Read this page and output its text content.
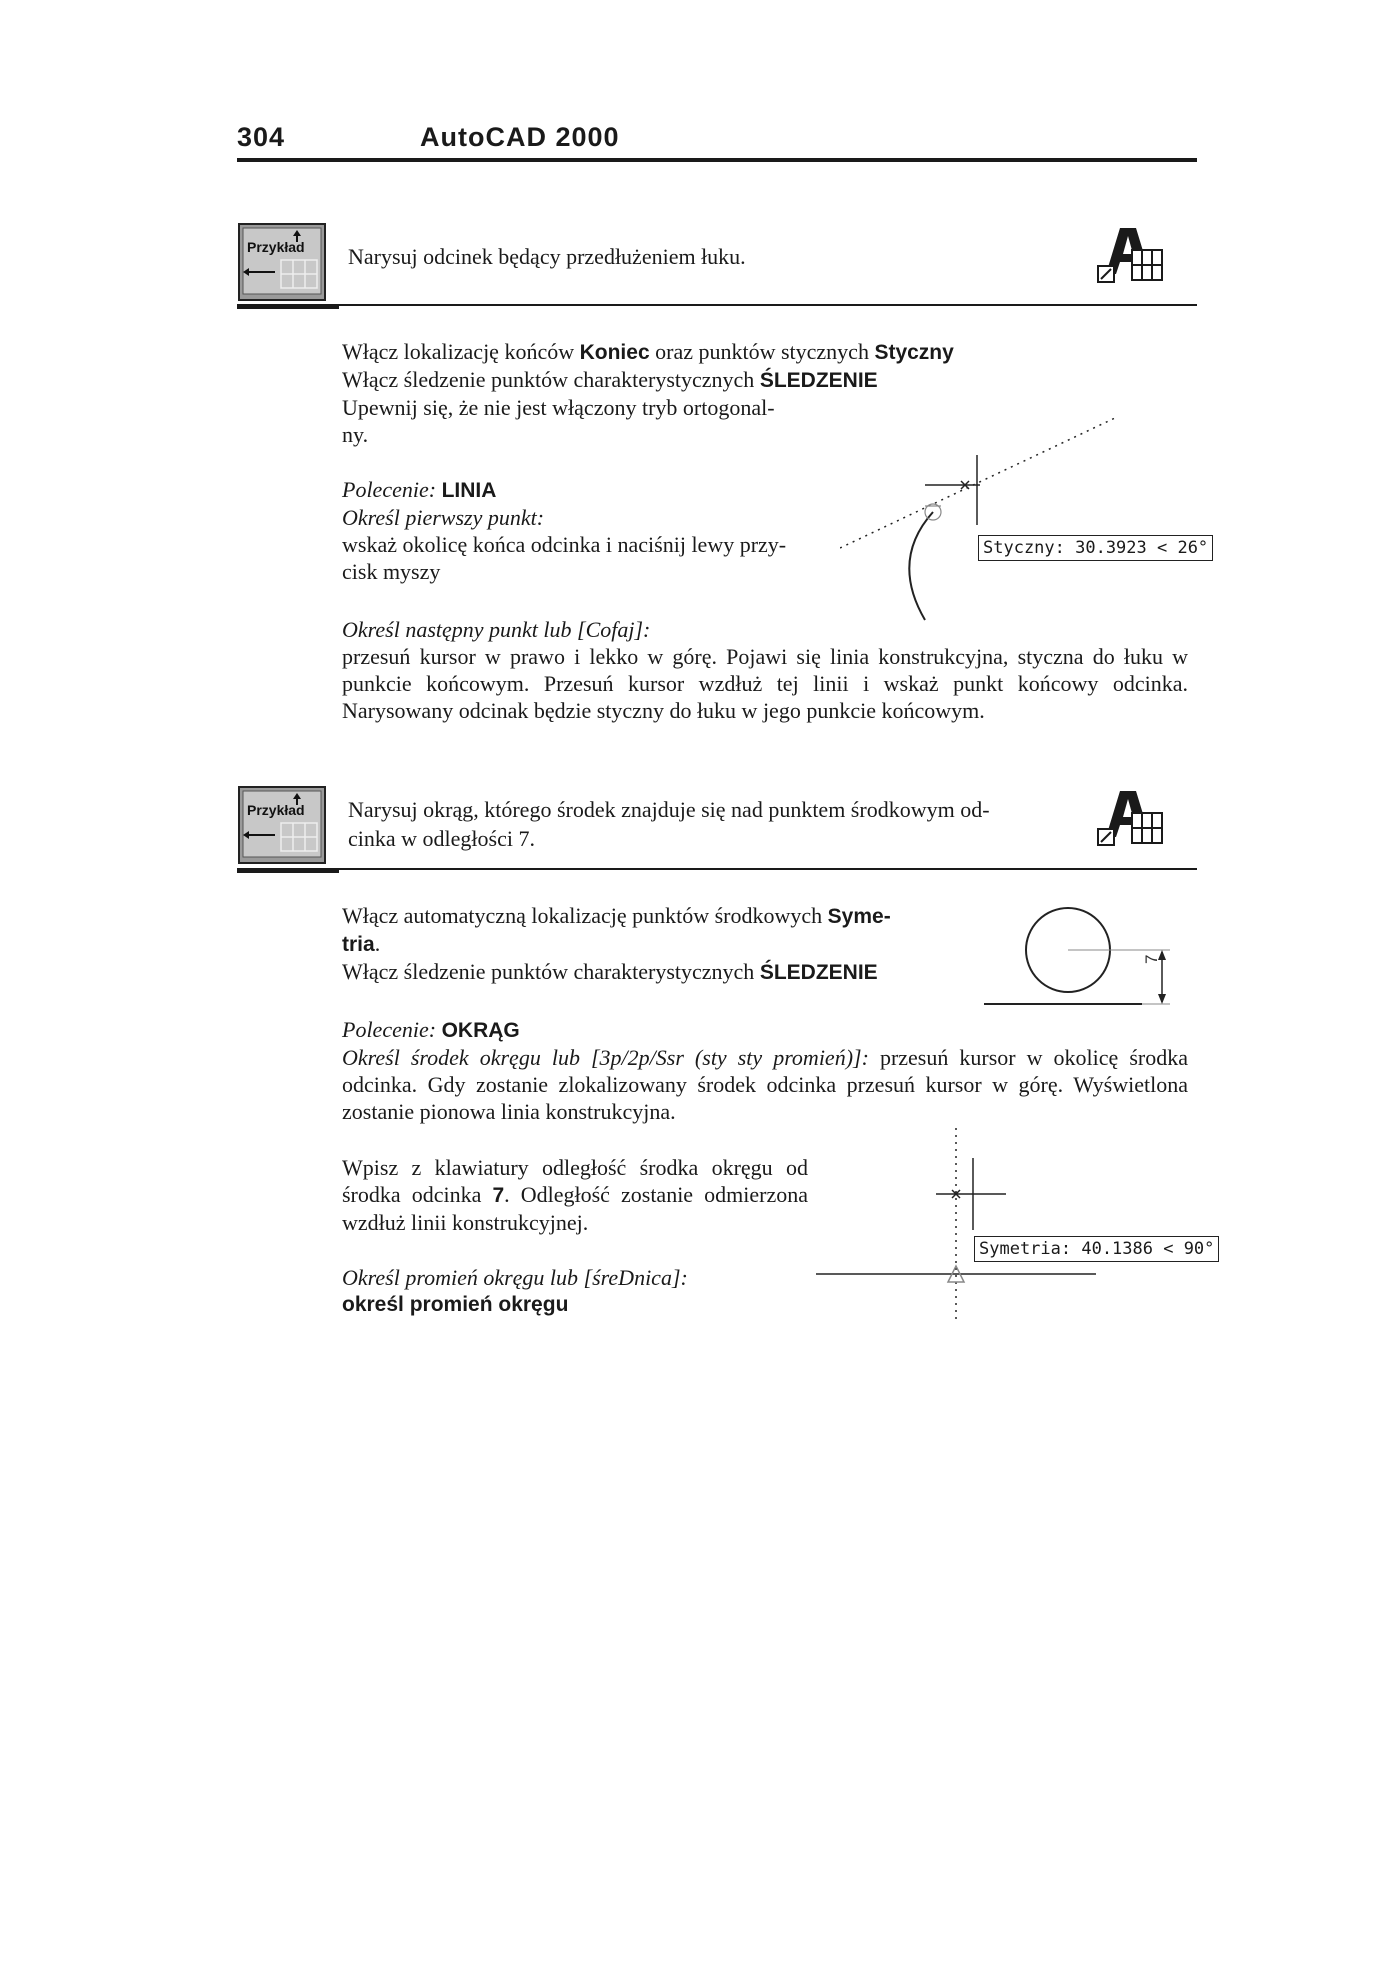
304	AutoCAD 2000
Przykład Narysuj odcinek będący przedłużeniem łuku.

Włącz lokalizację końców Koniec oraz punktów stycznych Styczny

Włącz śledzenie punktów charakterystycznych ŚLEDZENIE

Upewnij się, że nie jest włączony tryb ortogonal-

ny.

Polecenie: LINIA

Określ pierwszy punkt:

wskaż okolicę końca odcinka i naciśnij lewy przy-

cisk myszy

Styczny: 30.3923 < 26°

Określ następny punkt lub [Cofaj]:

przesuń kursor w prawo i lekko w górę. Pojawi się linia konstrukcyjna, styczna do łuku w punkcie końcowym. Przesuń kursor wzdłuż tej linii i wskaż punkt końcowy odcinka. Narysowany odcinak będzie styczny do łuku w jego punkcie końcowym.

Przykład Narysuj okrąg, którego środek znajduje się nad punktem środkowym od-

cinka w odległości 7.

Włącz automatyczną lokalizację punktów środkowych Syme-

tria.

Włącz śledzenie punktów charakterystycznych ŚLEDZENIE

7

Polecenie: OKRĄG

Określ środek okręgu lub [3p/2p/Ssr (sty sty promień)]: przesuń kursor w okolicę środka odcinka. Gdy zostanie zlokalizowany środek odcinka przesuń kursor w górę. Wyświetlona zostanie pionowa linia konstrukcyjna.

Wpisz z klawiatury odległość środka okręgu od środka odcinka 7. Odległość zostanie odmierzona wzdłuż linii konstrukcyjnej.

Określ promień okręgu lub [śreDnica]:

określ promień okręgu

Symetria: 40.1386 < 90°
